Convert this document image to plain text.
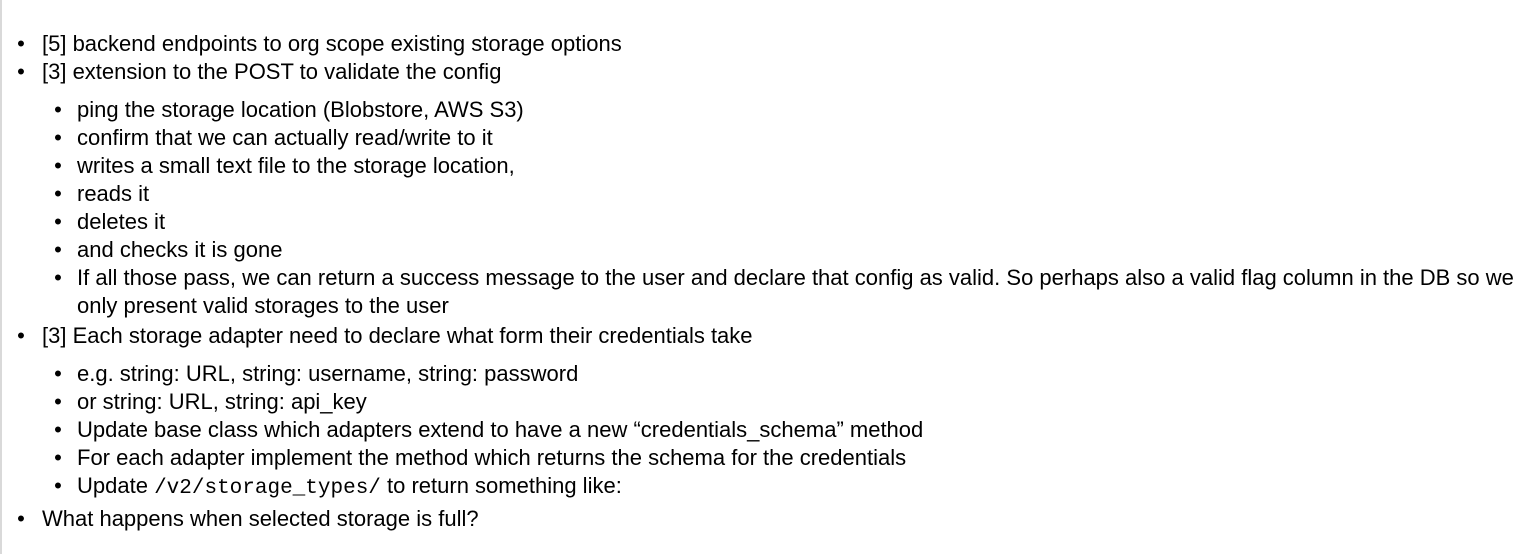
•
[5] backend endpoints to org scope existing storage options
•
[3] extension to the POST to validate the config
•
ping the storage location (Blobstore, AWS S3)
•
confirm that we can actually read/write to it
•
writes a small text file to the storage location,
•
reads it
•
deletes it
•
and checks it is gone
•
If all those pass, we can return a success message to the user and declare that config as valid. So perhaps also a valid flag column in the DB so we only present valid storages to the user
•
[3] Each storage adapter need to declare what form their credentials take
•
e.g. string: URL, string: username, string: password
•
or string: URL, string: api_key
•
Update base class which adapters extend to have a new “credentials_schema” method
•
For each adapter implement the method which returns the schema for the credentials
•
Update /v2/storage_types/ to return something like:
•
What happens when selected storage is full?
